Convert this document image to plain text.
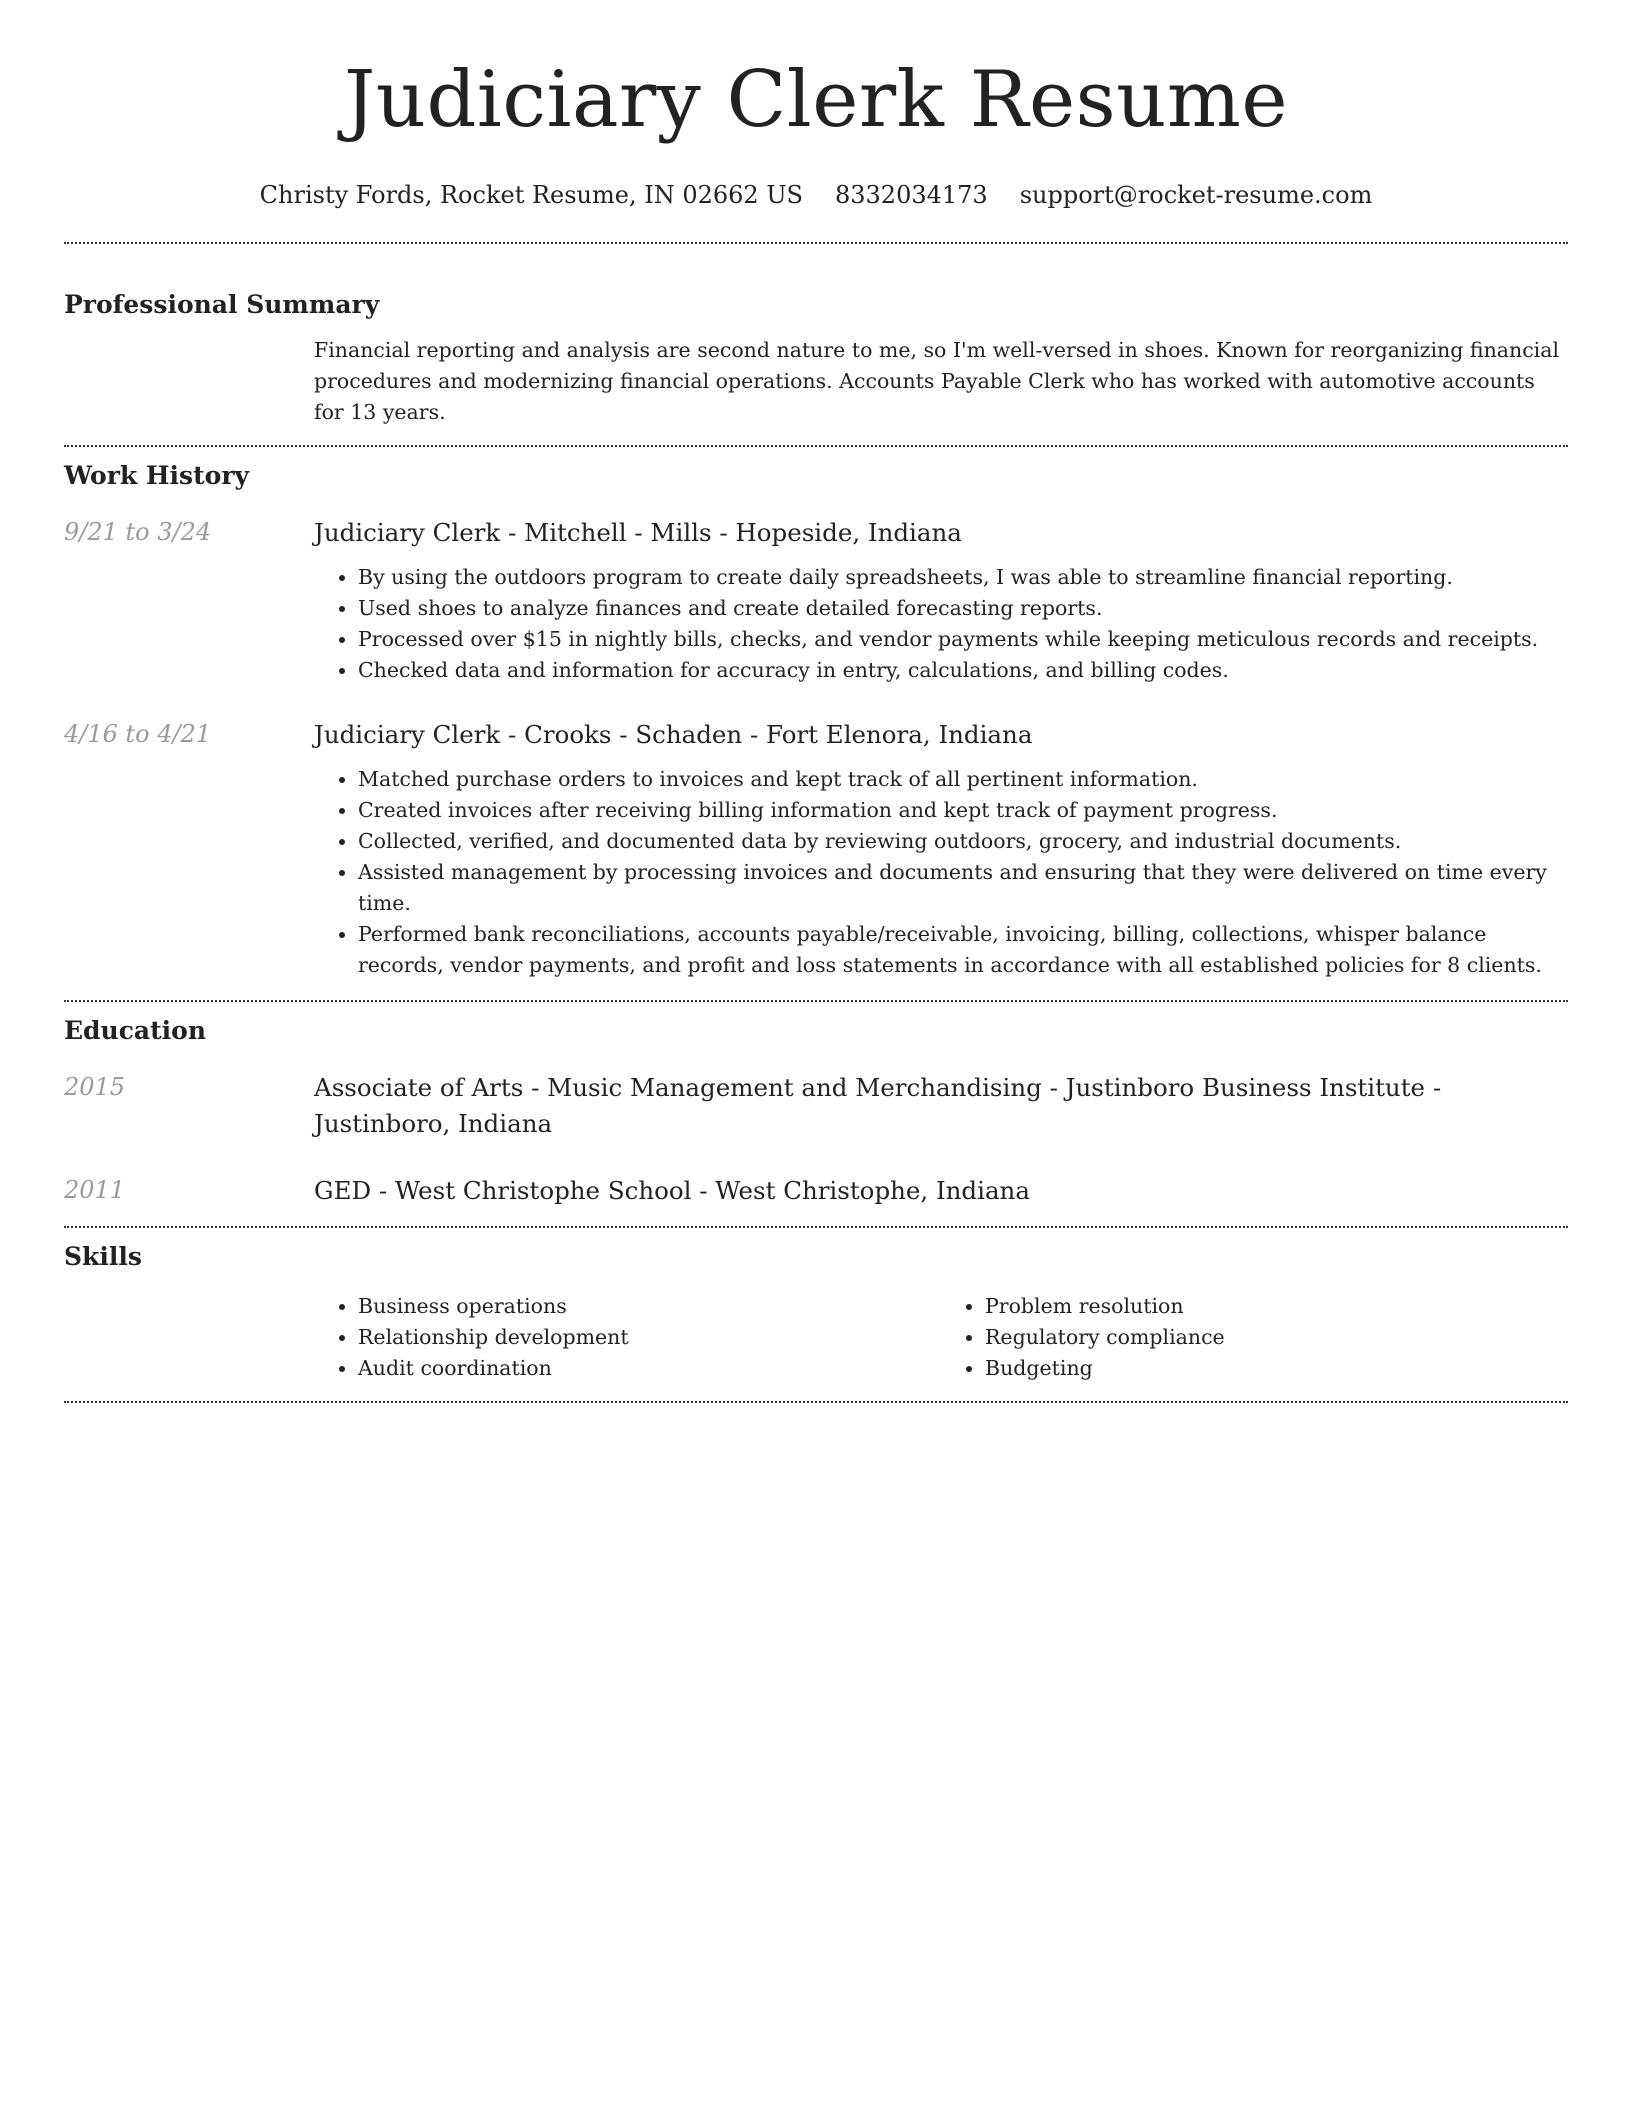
Judiciary Clerk Resume
Christy Fords, Rocket Resume, IN 02662 US 8332034173 support@rocket-resume.com
Professional Summary

Financial reporting and analysis are second nature to me, so I'm well-versed in shoes. Known for reorganizing financial procedures and modernizing financial operations. Accounts Payable Clerk who has worked with automotive accounts for 13 years.

Work History
9/21 to 3/24	Judiciary Clerk - Mitchell - Mills - Hopeside, Indiana

• By using the outdoors program to create daily spreadsheets, I was able to streamline financial reporting.
• Used shoes to analyze finances and create detailed forecasting reports.
• Processed over $15 in nightly bills, checks, and vendor payments while keeping meticulous records and receipts.
• Checked data and information for accuracy in entry, calculations, and billing codes.
4/16 to 4/21	Judiciary Clerk - Crooks - Schaden - Fort Elenora, Indiana

• Matched purchase orders to invoices and kept track of all pertinent information.
• Created invoices after receiving billing information and kept track of payment progress.
• Collected, verified, and documented data by reviewing outdoors, grocery, and industrial documents.
• Assisted management by processing invoices and documents and ensuring that they were delivered on time every time.
• Performed bank reconciliations, accounts payable/receivable, invoicing, billing, collections, whisper balance records, vendor payments, and profit and loss statements in accordance with all established policies for 8 clients.
Education
2015	Associate of Arts - Music Management and Merchandising - Justinboro Business Institute - Justinboro, Indiana

2011	GED - West Christophe School - West Christophe, Indiana

Skills
• Business operations
• Relationship development
• Audit coordination
• Problem resolution
• Regulatory compliance
• Budgeting
